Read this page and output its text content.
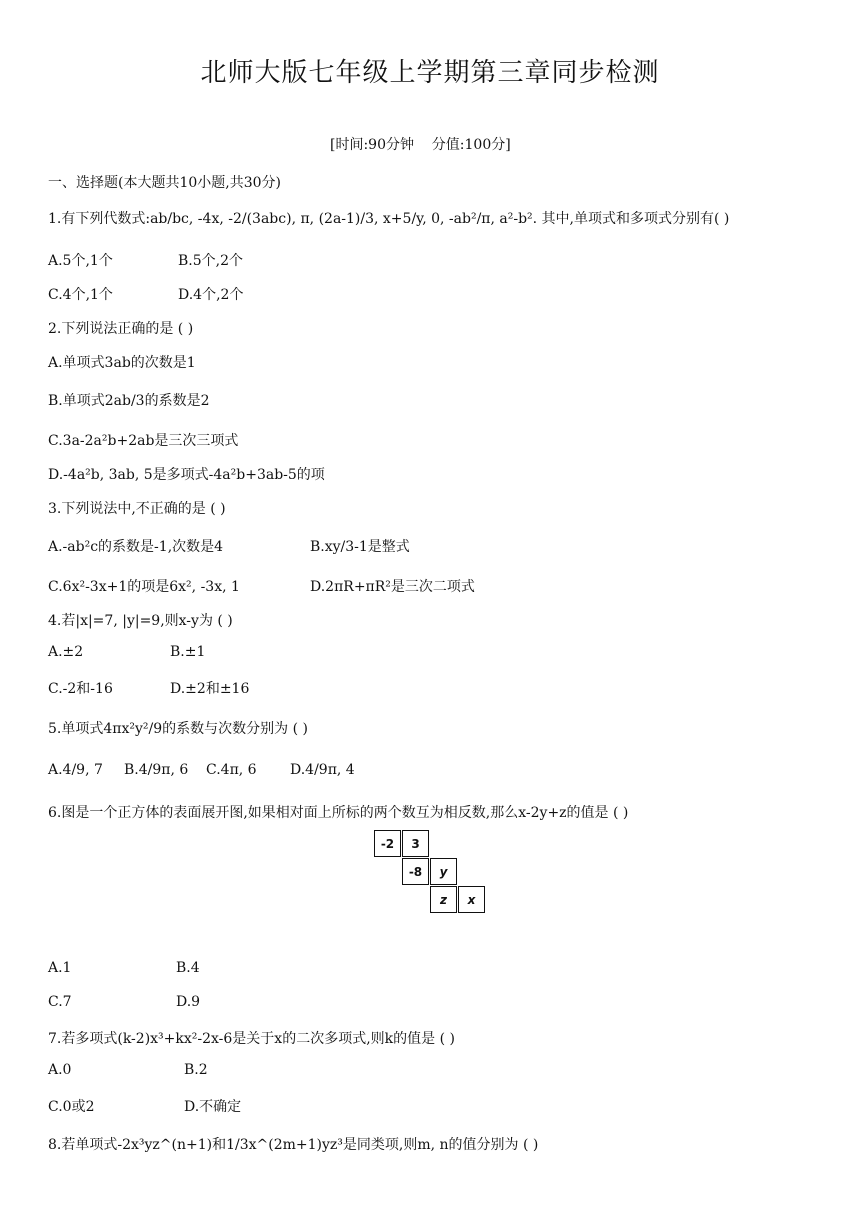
北师大版七年级上学期第三章同步检测
[时间:90分钟    分值:100分]
一、选择题(本大题共10小题,共30分)
1.有下列代数式:ab/bc, -4x, -2/(3abc), π, (2a-1)/3, x+5/y, 0, -ab²/π, a²-b². 其中,单项式和多项式分别有( )
A.5个,1个	B.5个,2个
C.4个,1个	D.4个,2个
2.下列说法正确的是 ( )
A.单项式3ab的次数是1
B.单项式2ab/3的系数是2
C.3a-2a²b+2ab是三次三项式
D.-4a²b, 3ab, 5是多项式-4a²b+3ab-5的项
3.下列说法中,不正确的是 ( )
A.-ab²c的系数是-1,次数是4	B.xy/3-1是整式
C.6x²-3x+1的项是6x², -3x, 1	D.2πR+πR²是三次二项式
4.若|x|=7, |y|=9,则x-y为 ( )
A.±2	B.±1
C.-2和-16	D.±2和±16
5.单项式4πx²y²/9的系数与次数分别为 ( )
A.4/9, 7	B.4/9π, 6	C.4π, 6	D.4/9π, 4
6.图是一个正方体的表面展开图,如果相对面上所标的两个数互为相反数,那么x-2y+z的值是 ( )
-2	3
-8	y
z x
A.1	B.4
C.7	D.9
7.若多项式(k-2)x³+kx²-2x-6是关于x的二次多项式,则k的值是 ( )
A.0	B.2
C.0或2	D.不确定
8.若单项式-2x³yz^(n+1)和1/3x^(2m+1)yz³是同类项,则m, n的值分别为 ( )
